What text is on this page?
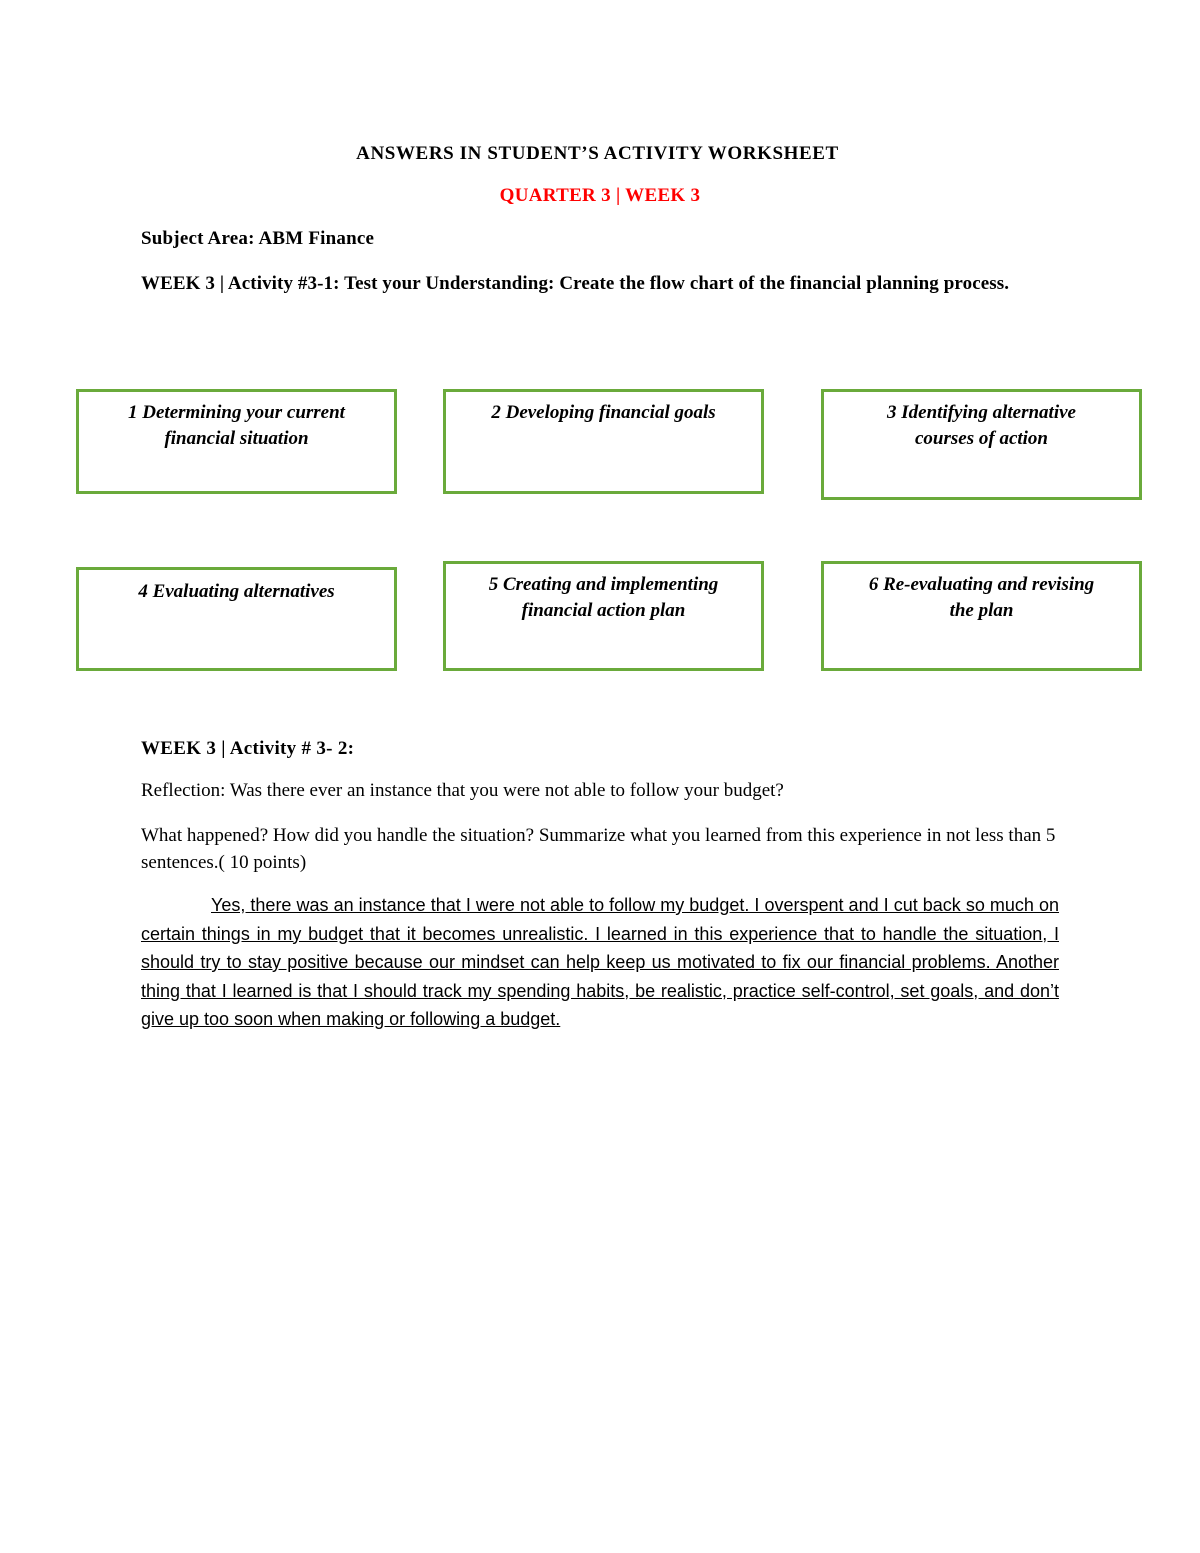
ANSWERS IN STUDENT’S ACTIVITY WORKSHEET
QUARTER 3 | WEEK 3
Subject Area: ABM Finance
WEEK 3 | Activity #3-1: Test your Understanding: Create the flow chart of the financial planning process.
1 Determining your current
financial situation
2 Developing financial goals	3 Identifying alternative
courses of action
4 Evaluating alternatives	5 Creating and implementing
financial action plan
6 Re-evaluating and revising
the plan
WEEK 3 | Activity # 3- 2:
Reflection: Was there ever an instance that you were not able to follow your budget?
What happened? How did you handle the situation? Summarize what you learned from this experience in not less than 5 sentences.( 10 points)
Yes, there was an instance that I were not able to follow my budget. I overspent and I cut back so much on certain things in my budget that it becomes unrealistic. I learned in this experience that to handle the situation, I should try to stay positive because our mindset can help keep us motivated to fix our financial problems. Another thing that I learned is that I should track my spending habits, be realistic, practice self-control, set goals, and don’t give up too soon when making or following a budget.
